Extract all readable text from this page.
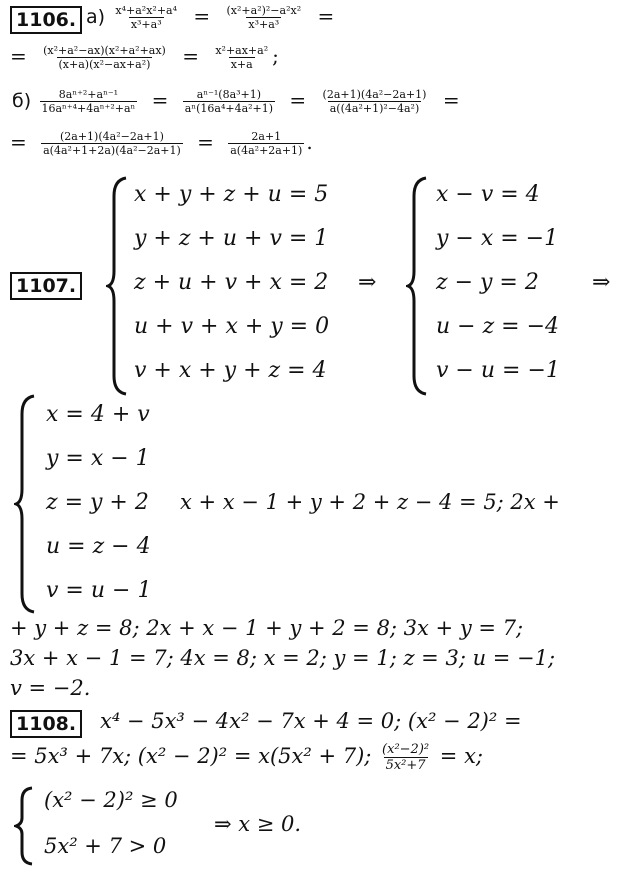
1106. $а) \frac{\text{x⁴+a²x²+a⁴}}{\text{x³+a³}} = \frac{\text{(x²+a²)²−a²x²}}{\text{x³+a³}}$ =
= $\frac{\text{(x²+a²−ax)(x²+a²+ax)}}{\text{(x+a)(x²−ax+a²)}} = \frac{\text{x²+ax+a²}}{x+a}$ ;
$б) \frac{\text{8aⁿ⁺²+aⁿ⁻¹}}{\text{16aⁿ⁺⁴+4aⁿ⁺²+aⁿ}} = \frac{\text{aⁿ⁻¹(8a³+1)}}{\text{aⁿ(16a⁴+4a²+1)}} = \frac{\text{(2a+1)(4a²−2a+1)}}{\text{a((4a²+1)²−4a²)}}$ =
= $\frac{\text{(2a+1)(4a²−2a+1)}}{\text{a(4a²+1+2a)(4a²−2a+1)}} = \frac{2a+1}{\text{a(4a²+2a+1)}}$ .
1107.
x + y + z + u = 5
y + z + u + v = 1
z + u + v + x = 2
u + v + x + y = 0
v + x + y + z = 4
⇒
x − v = 4
y − x = −1
z − y = 2
u − z = −4
v − u = −1
⇒
x = 4 + v
y = x − 1
z = y + 2
u = z − 4
v = u − 1
x + x − 1 + y + 2 + z − 4 = 5; 2x +
+ y + z = 8; 2x + x − 1 + y + 2 = 8; 3x + y = 7;
3x + x − 1 = 7; 4x = 8; x = 2; y = 1; z = 3; u = −1;
v = −2.
1108. x⁴ − 5x³ − 4x² − 7x + 4 = 0; (x² − 2)² =
= 5x³ + 7x; (x² − 2)² = x(5x² + 7); $\frac{\text{(x²−2)²}}{\text{5x²+7}} = x$;
(x² − 2)² ≥ 0
5x² + 7 > 0
⇒ x ≥ 0.
